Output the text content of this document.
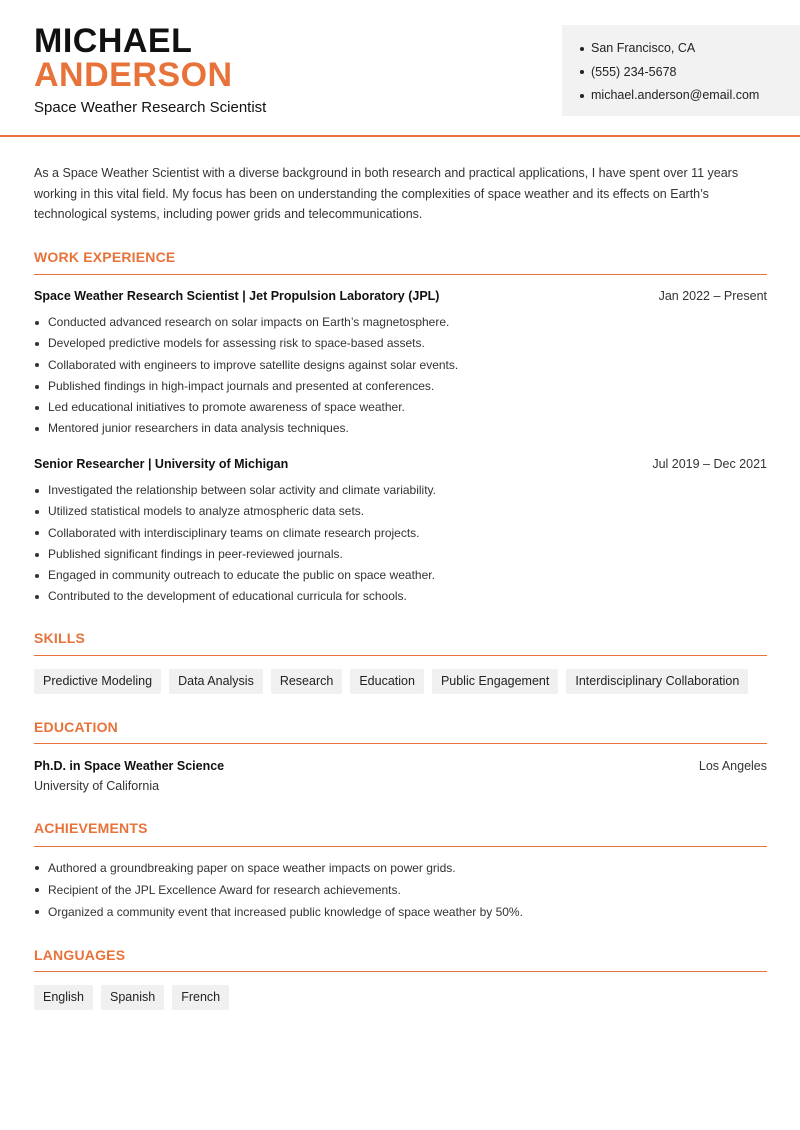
MICHAEL
ANDERSON
Space Weather Research Scientist
San Francisco, CA
(555) 234-5678
michael.anderson@email.com

As a Space Weather Scientist with a diverse background in both research and practical applications, I have spent over 11 years working in this vital field. My focus has been on understanding the complexities of space weather and its effects on Earth’s technological systems, including power grids and telecommunications.

WORK EXPERIENCE
Space Weather Research Scientist | Jet Propulsion Laboratory (JPL)	Jan 2022 – Present
Conducted advanced research on solar impacts on Earth’s magnetosphere.
Developed predictive models for assessing risk to space-based assets.
Collaborated with engineers to improve satellite designs against solar events.
Published findings in high-impact journals and presented at conferences.
Led educational initiatives to promote awareness of space weather.
Mentored junior researchers in data analysis techniques.
Senior Researcher | University of Michigan	Jul 2019 – Dec 2021
Investigated the relationship between solar activity and climate variability.
Utilized statistical models to analyze atmospheric data sets.
Collaborated with interdisciplinary teams on climate research projects.
Published significant findings in peer-reviewed journals.
Engaged in community outreach to educate the public on space weather.
Contributed to the development of educational curricula for schools.
SKILLS
Predictive Modeling	Data Analysis	Research	Education	Public Engagement	Interdisciplinary Collaboration
EDUCATION
Ph.D. in Space Weather Science	Los Angeles
University of California
ACHIEVEMENTS
Authored a groundbreaking paper on space weather impacts on power grids.
Recipient of the JPL Excellence Award for research achievements.
Organized a community event that increased public knowledge of space weather by 50%.
LANGUAGES
English	Spanish	French
